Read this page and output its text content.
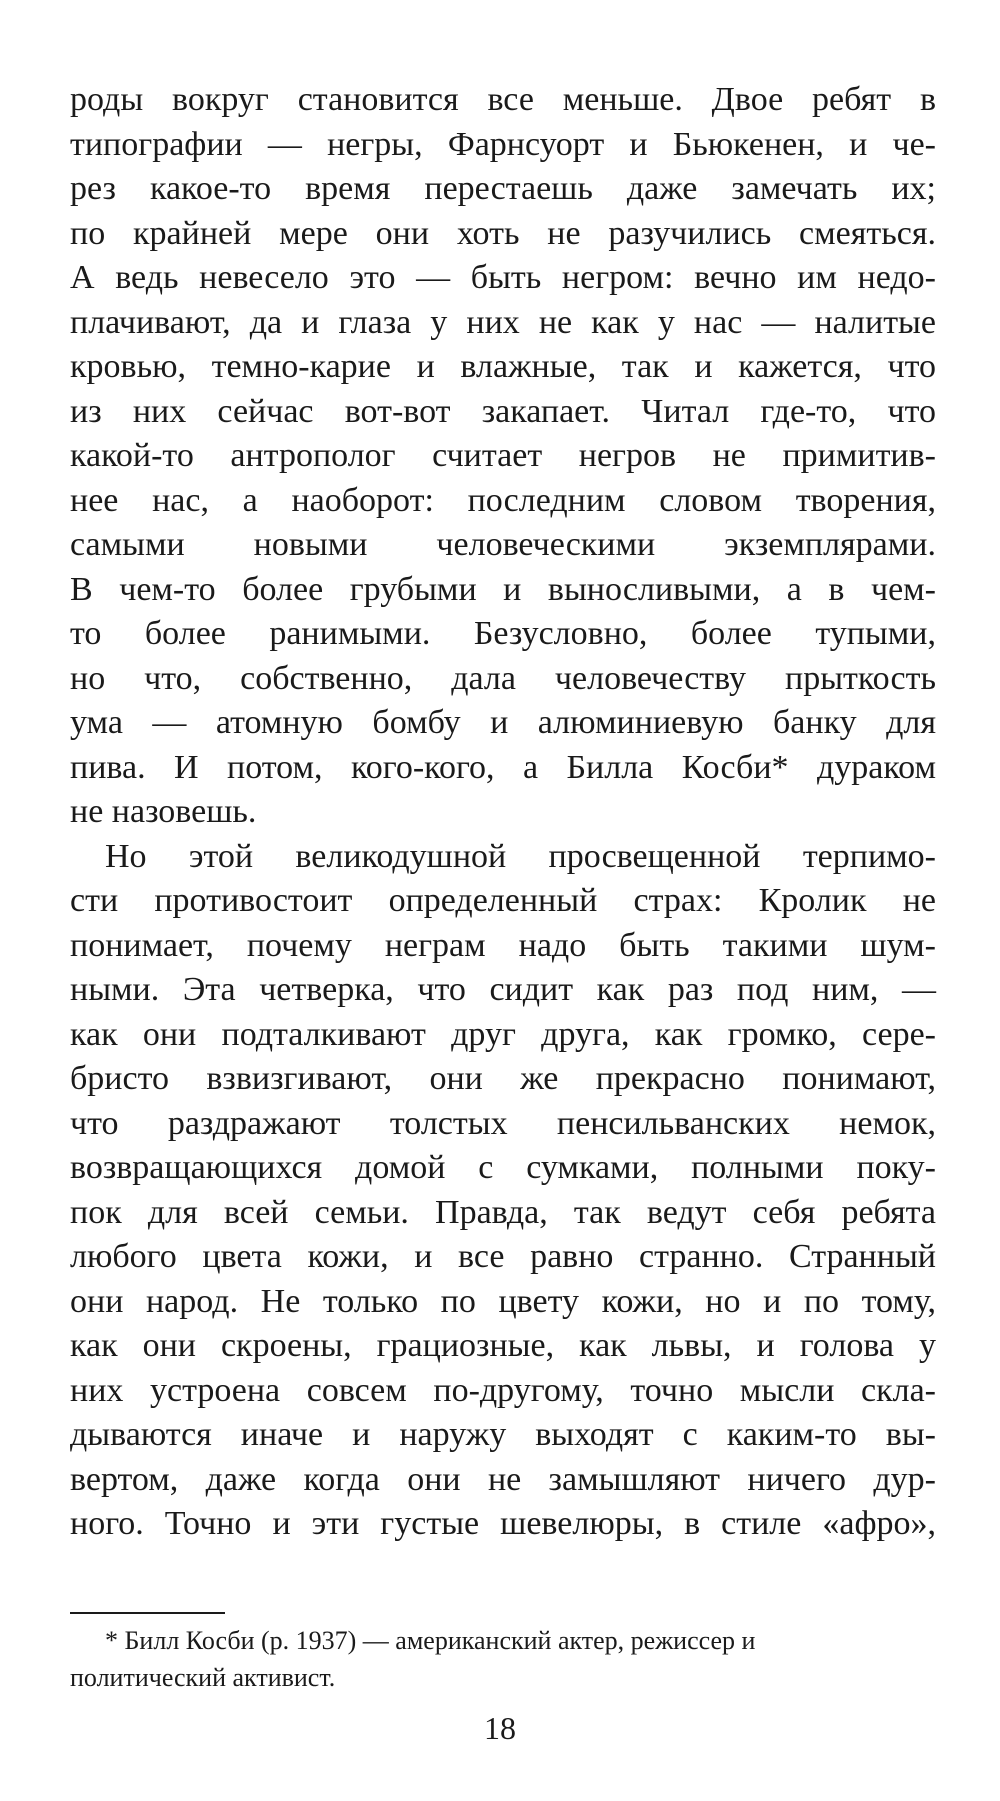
роды вокруг становится все меньше. Двое ребят в
типографии — негры, Фарнсуорт и Бьюкенен, и че-
рез какое-то время перестаешь даже замечать их;
по крайней мере они хоть не разучились смеяться.
А ведь невесело это — быть негром: вечно им недо-
плачивают, да и глаза у них не как у нас — налитые
кровью, темно-карие и влажные, так и кажется, что
из них сейчас вот-вот закапает. Читал где-то, что
какой-то антрополог считает негров не примитив-
нее нас, а наоборот: последним словом творения,
самыми новыми человеческими экземплярами.
В чем-то более грубыми и выносливыми, а в чем-
то более ранимыми. Безусловно, более тупыми,
но что, собственно, дала человечеству прыткость
ума — атомную бомбу и алюминиевую банку для
пива. И потом, кого-кого, а Билла Косби* дураком
не назовешь.
Но этой великодушной просвещенной терпимо-
сти противостоит определенный страх: Кролик не
понимает, почему неграм надо быть такими шум-
ными. Эта четверка, что сидит как раз под ним, —
как они подталкивают друг друга, как громко, сере-
бристо взвизгивают, они же прекрасно понимают,
что раздражают толстых пенсильванских немок,
возвращающихся домой с сумками, полными поку-
пок для всей семьи. Правда, так ведут себя ребята
любого цвета кожи, и все равно странно. Странный
они народ. Не только по цвету кожи, но и по тому,
как они скроены, грациозные, как львы, и голова у
них устроена совсем по-другому, точно мысли скла-
дываются иначе и наружу выходят с каким-то вы-
вертом, даже когда они не замышляют ничего дур-
ного. Точно и эти густые шевелюры, в стиле «афро»,
* Билл Косби (р. 1937) — американский актер, режиссер и
политический активист.
18
